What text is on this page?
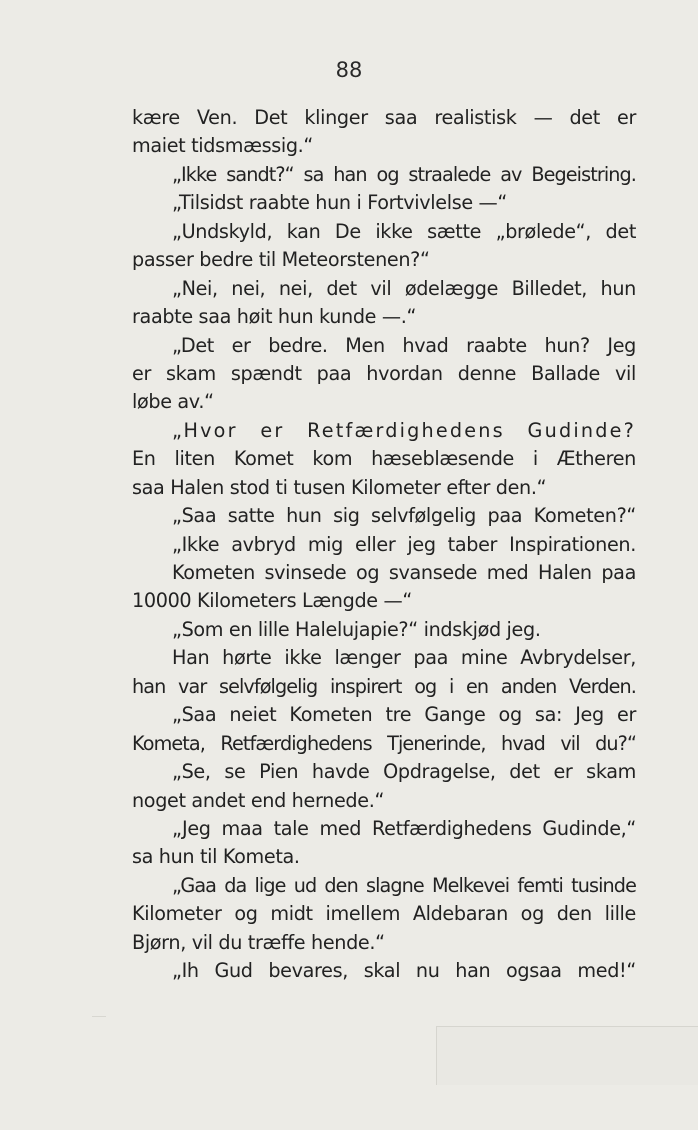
88
kære Ven. Det klinger saa realistisk — det er
maiet tidsmæssig.“
„Ikke sandt?“ sa han og straalede av Begeistring.
„Tilsidst raabte hun i Fortvivlelse —“
„Undskyld, kan De ikke sætte „brølede“, det
passer bedre til Meteorstenen?“
„Nei, nei, nei, det vil ødelægge Billedet, hun
raabte saa høit hun kunde —.“
„Det er bedre. Men hvad raabte hun? Jeg
er skam spændt paa hvordan denne Ballade vil
løbe av.“
„Hvor er Retfærdighedens Gudinde?
En liten Komet kom hæseblæsende i Ætheren
saa Halen stod ti tusen Kilometer efter den.“
„Saa satte hun sig selvfølgelig paa Kometen?“
„Ikke avbryd mig eller jeg taber Inspirationen.
Kometen svinsede og svansede med Halen paa
10000 Kilometers Længde —“
„Som en lille Halelujapie?“ indskjød jeg.
Han hørte ikke længer paa mine Avbrydelser,
han var selvfølgelig inspirert og i en anden Verden.
„Saa neiet Kometen tre Gange og sa: Jeg er
Kometa, Retfærdighedens Tjenerinde, hvad vil du?“
„Se, se Pien havde Opdragelse, det er skam
noget andet end hernede.“
„Jeg maa tale med Retfærdighedens Gudinde,“
sa hun til Kometa.
„Gaa da lige ud den slagne Melkevei femti tusinde
Kilometer og midt imellem Aldebaran og den lille
Bjørn, vil du træffe hende.“
„Ih Gud bevares, skal nu han ogsaa med!“
